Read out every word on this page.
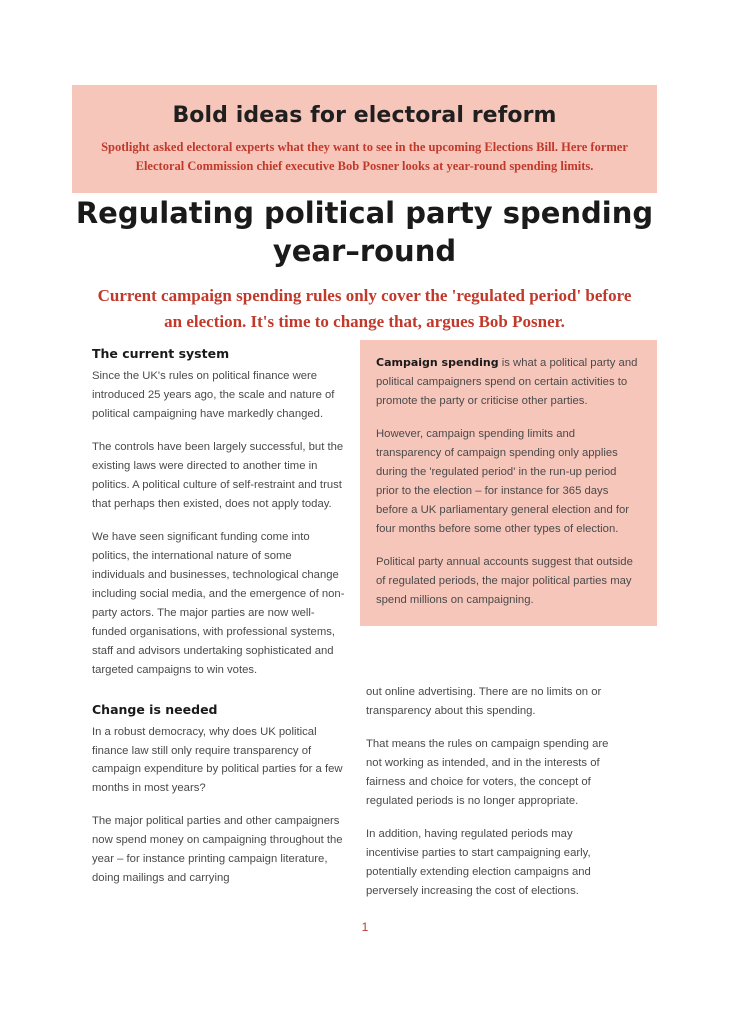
Bold ideas for electoral reform
Spotlight asked electoral experts what they want to see in the upcoming Elections Bill. Here former Electoral Commission chief executive Bob Posner looks at year-round spending limits.
Regulating political party spending year–round
Current campaign spending rules only cover the 'regulated period' before an election. It's time to change that, argues Bob Posner.
The current system

Since the UK's rules on political finance were introduced 25 years ago, the scale and nature of political campaigning have markedly changed.

The controls have been largely successful, but the existing laws were directed to another time in politics. A political culture of self-restraint and trust that perhaps then existed, does not apply today.

We have seen significant funding come into politics, the international nature of some individuals and businesses, technological change including social media, and the emergence of non-party actors. The major parties are now well-funded organisations, with professional systems, staff and advisors undertaking sophisticated and targeted campaigns to win votes.

Change is needed

In a robust democracy, why does UK political finance law still only require transparency of campaign expenditure by political parties for a few months in most years?

The major political parties and other campaigners now spend money on campaigning throughout the year – for instance printing campaign literature, doing mailings and carrying

Campaign spending is what a political party and political campaigners spend on certain activities to promote the party or criticise other parties.

However, campaign spending limits and transparency of campaign spending only applies during the 'regulated period' in the run-up period prior to the election – for instance for 365 days before a UK parliamentary general election and for four months before some other types of election.

Political party annual accounts suggest that outside of regulated periods, the major political parties may spend millions on campaigning.

out online advertising. There are no limits on or transparency about this spending.

That means the rules on campaign spending are not working as intended, and in the interests of fairness and choice for voters, the concept of regulated periods is no longer appropriate.

In addition, having regulated periods may incentivise parties to start campaigning early, potentially extending election campaigns and perversely increasing the cost of elections.

1
